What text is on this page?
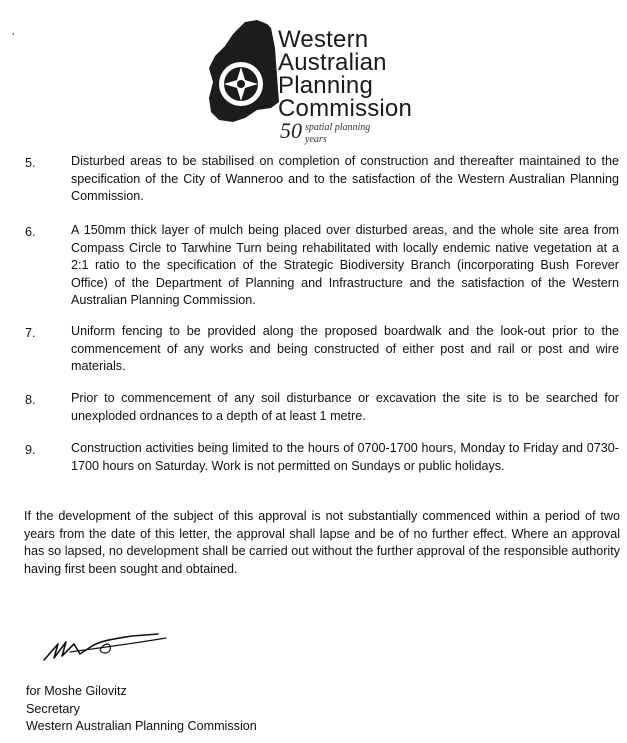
ʼ	Western
Australian
Planning
Commission
50 spatial planning
years
5.	Disturbed areas to be stabilised on completion of construction and thereafter maintained to the specification of the City of Wanneroo and to the satisfaction of the Western Australian Planning Commission.
6.	A 150mm thick layer of mulch being placed over disturbed areas, and the whole site area from Compass Circle to Tarwhine Turn being rehabilitated with locally endemic native vegetation at a 2:1 ratio to the specification of the Strategic Biodiversity Branch (incorporating Bush Forever Office) of the Department of Planning and Infrastructure and the satisfaction of the Western Australian Planning Commission.
7.	Uniform fencing to be provided along the proposed boardwalk and the look-out prior to the commencement of any works and being constructed of either post and rail or post and wire materials.
8.	Prior to commencement of any soil disturbance or excavation the site is to be searched for unexploded ordnances to a depth of at least 1 metre.
9.	Construction activities being limited to the hours of 0700-1700 hours, Monday to Friday and 0730-1700 hours on Saturday. Work is not permitted on Sundays or public holidays.
If the development of the subject of this approval is not substantially commenced within a period of two years from the date of this letter, the approval shall lapse and be of no further effect. Where an approval has so lapsed, no development shall be carried out without the further approval of the responsible authority having first been sought and obtained.
for Moshe Gilovitz
Secretary
Western Australian Planning Commission
